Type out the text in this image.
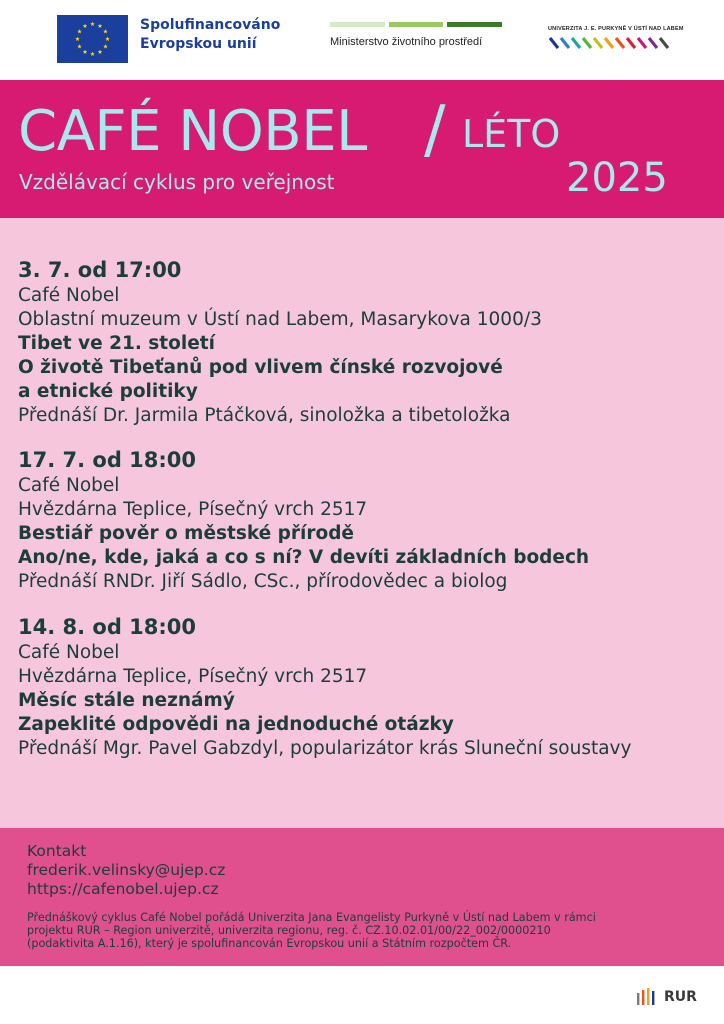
Spolufinancováno
Evropskou unií	Ministerstvo životního prostředí
UNIVERZITA J. E. PURKYNĚ V ÚSTÍ NAD LABEM
CAFÉ NOBEL / LÉTO
2025
Vzdělávací cyklus pro veřejnost
3. 7. od 17:00
Café Nobel
Oblastní muzeum v Ústí nad Labem, Masarykova 1000/3
Tibet ve 21. století
O životě Tibeťanů pod vlivem čínské rozvojové
a etnické politiky
Přednáší Dr. Jarmila Ptáčková, sinoložka a tibetoložka
17. 7. od 18:00
Café Nobel
Hvězdárna Teplice, Písečný vrch 2517
Bestiář pověr o městské přírodě
Ano/ne, kde, jaká a co s ní? V devíti základních bodech
Přednáší RNDr. Jiří Sádlo, CSc., přírodovědec a biolog
14. 8. od 18:00
Café Nobel
Hvězdárna Teplice, Písečný vrch 2517
Měsíc stále neznámý
Zapeklité odpovědi na jednoduché otázky
Přednáší Mgr. Pavel Gabzdyl, popularizátor krás Sluneční soustavy
Kontakt
frederik.velinsky@ujep.cz
https://cafenobel.ujep.cz
Přednáškový cyklus Café Nobel pořádá Univerzita Jana Evangelisty Purkyně v Ústí nad Labem v rámci
projektu RUR – Region univerzitě, univerzita regionu, reg. č. CZ.10.02.01/00/22_002/0000210
(podaktivita A.1.16), který je spolufinancován Evropskou unií a Státním rozpočtem ČR.
RUR
